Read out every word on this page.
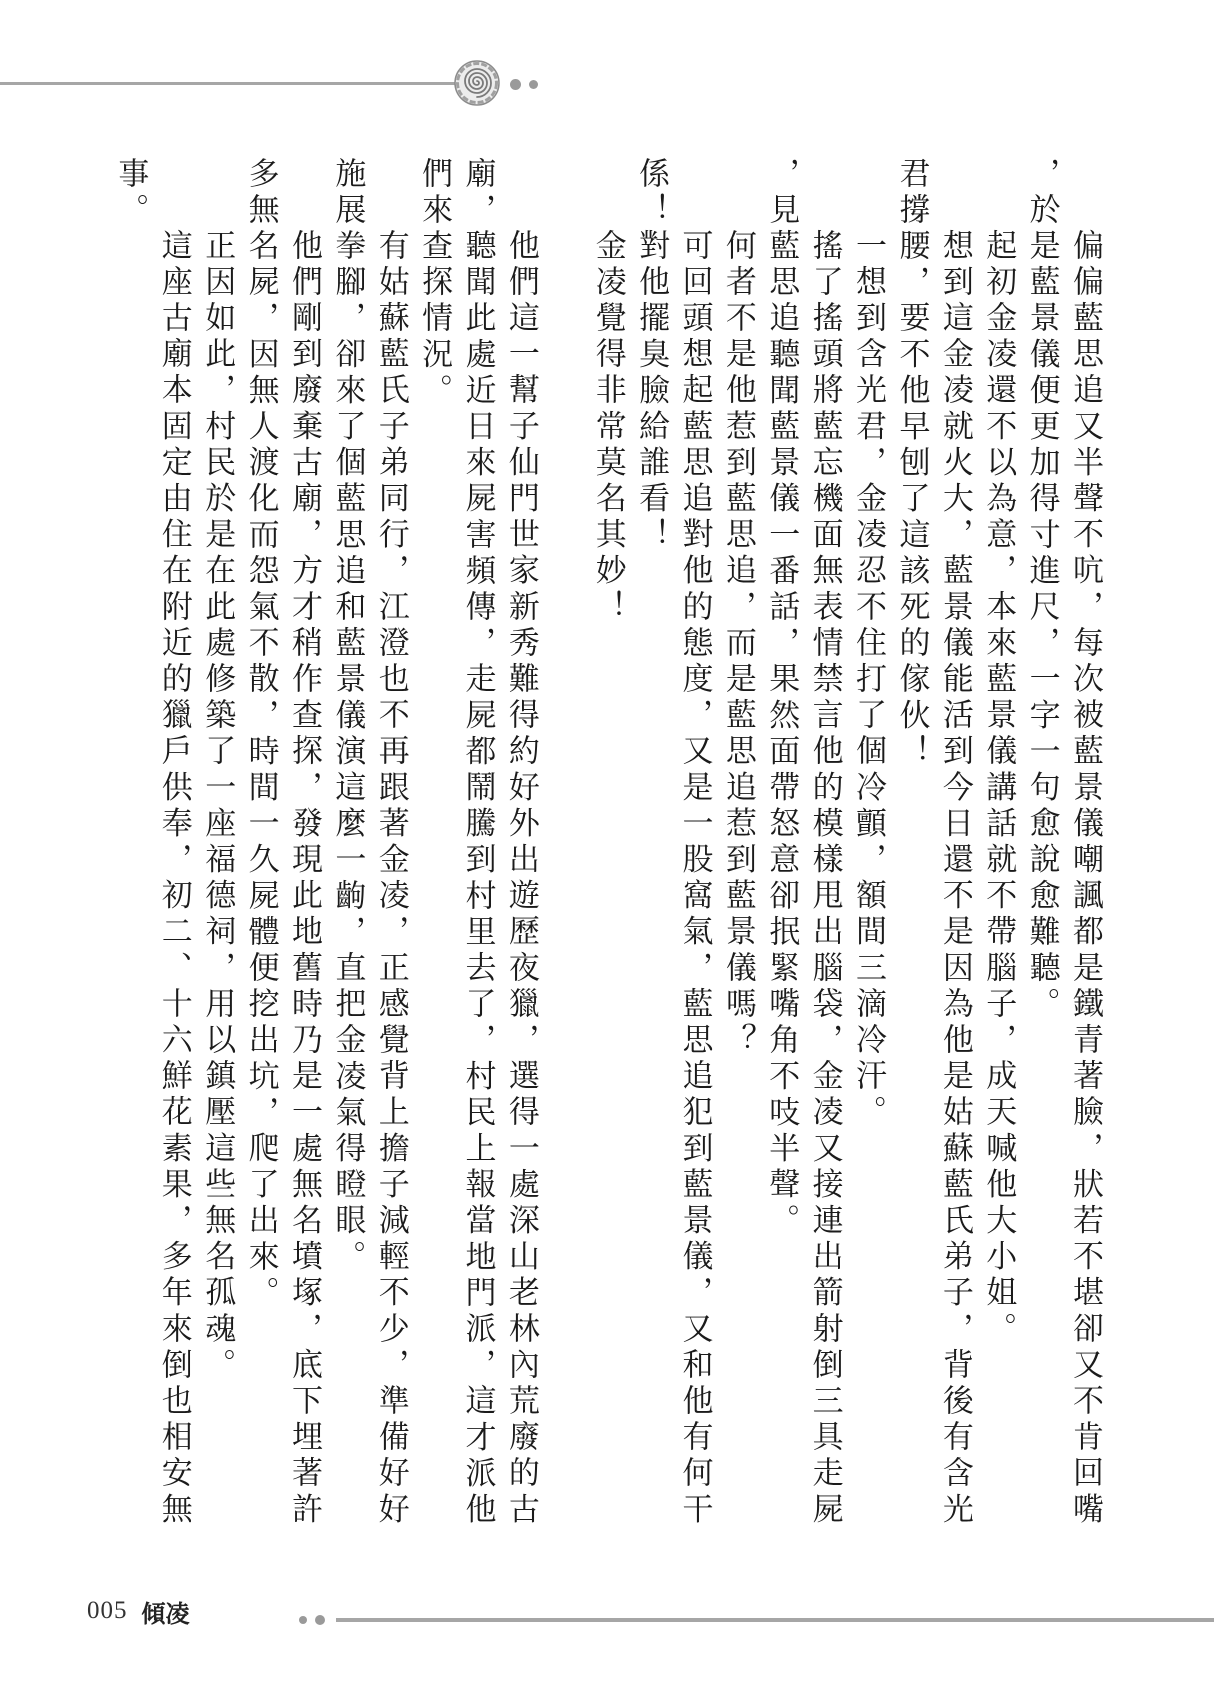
偏偏藍思追又半聲不吭，每次被藍景儀嘲諷都是鐵青著臉，狀若不堪卻又不肯回嘴
，於是藍景儀便更加得寸進尺，一字一句愈說愈難聽。
起初金凌還不以為意，本來藍景儀講話就不帶腦子，成天喊他大小姐。
想到這金凌就火大，藍景儀能活到今日還不是因為他是姑蘇藍氏弟子，背後有含光
君撐腰，要不他早刨了這該死的傢伙！
一想到含光君，金凌忍不住打了個冷顫，額間三滴冷汗。
搖了搖頭將藍忘機面無表情禁言他的模樣甩出腦袋，金凌又接連出箭射倒三具走屍
，見藍思追聽聞藍景儀一番話，果然面帶怒意卻抿緊嘴角不吱半聲。
何者不是他惹到藍思追，而是藍思追惹到藍景儀嗎？
可回頭想起藍思追對他的態度，又是一股窩氣，藍思追犯到藍景儀，又和他有何干
係！對他擺臭臉給誰看！
金凌覺得非常莫名其妙！
他們這一幫子仙門世家新秀難得約好外出遊歷夜獵，選得一處深山老林內荒廢的古
廟，聽聞此處近日來屍害頻傳，走屍都鬧騰到村里去了，村民上報當地門派，這才派他
們來查探情況。
有姑蘇藍氏子弟同行，江澄也不再跟著金凌，正感覺背上擔子減輕不少，準備好好
施展拳腳，卻來了個藍思追和藍景儀演這麼一齣，直把金凌氣得瞪眼。
他們剛到廢棄古廟，方才稍作查探，發現此地舊時乃是一處無名墳塚，底下埋著許
多無名屍，因無人渡化而怨氣不散，時間一久屍體便挖出坑，爬了出來。
正因如此，村民於是在此處修築了一座福德祠，用以鎮壓這些無名孤魂。
這座古廟本固定由住在附近的獵戶供奉，初二、十六鮮花素果，多年來倒也相安無
事。
005 傾凌
